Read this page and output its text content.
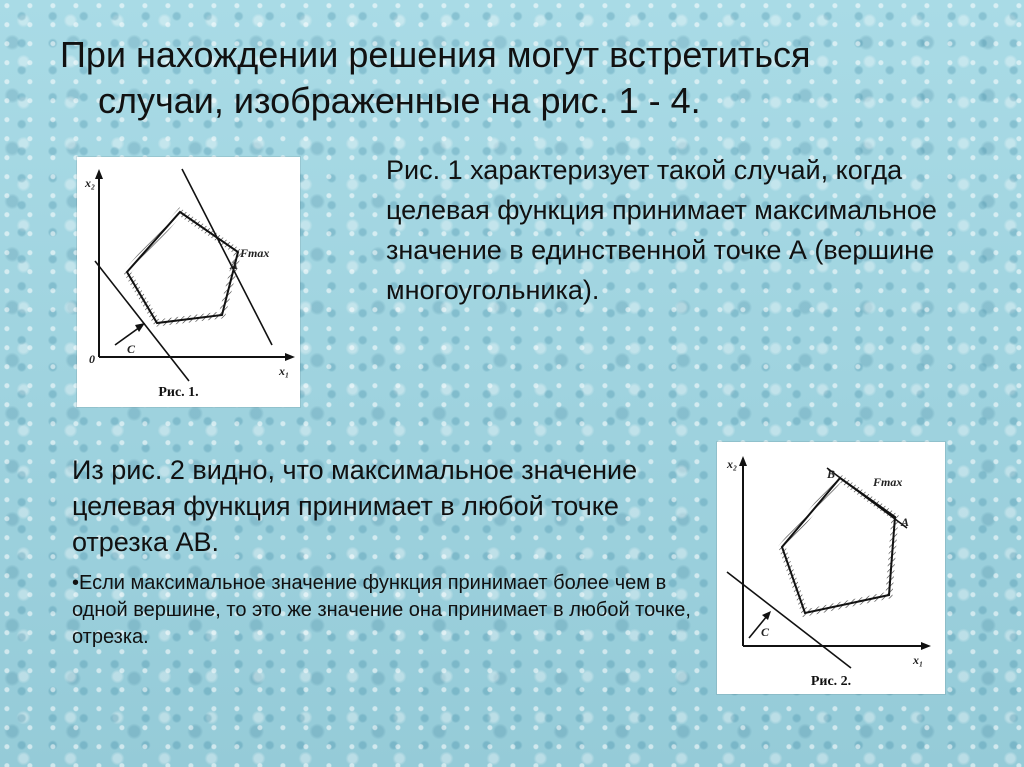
При нахождении решения могут встретиться
случаи, изображенные на рис. 1 - 4.
x₂
x₁
0
C
Fmax
A
Рис. 1.

Рис. 1 характеризует такой случай, когда целевая функция принимает максимальное значение в единственной точке А (вершине многоугольника).

x₂
x₁
C
Fmax
B
A
Рис. 2.

Из рис. 2 видно, что максимальное значение целевая функция принимает в любой точке отрезка АВ.

•Если максимальное значение функция принимает более чем в одной вершине, то это же значение она принимает в любой точке, отрезка.
